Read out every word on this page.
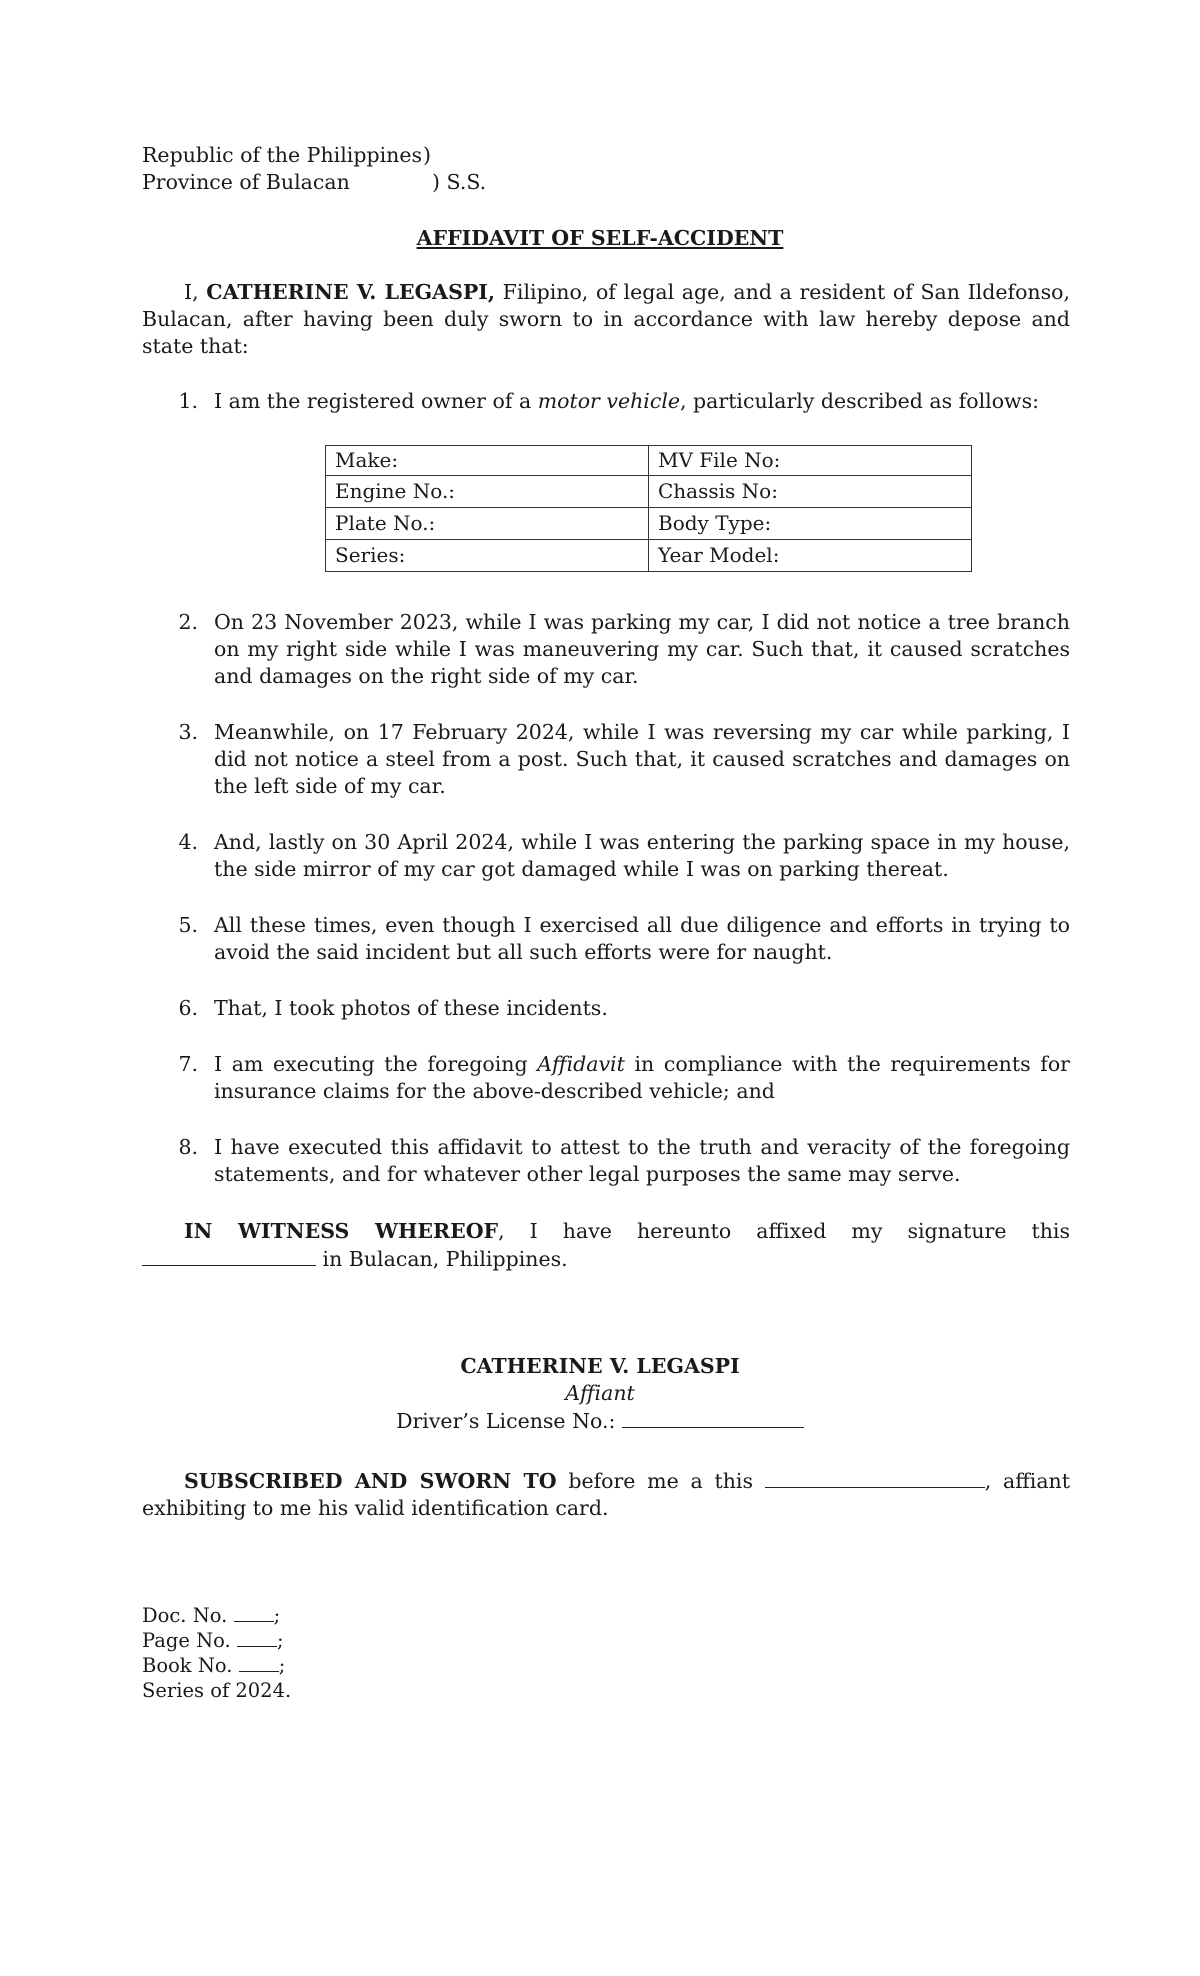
Republic of the Philippines )
Province of Bulacan	) S.S.
AFFIDAVIT OF SELF-ACCIDENT
I, CATHERINE V. LEGASPI, Filipino, of legal age, and a resident of San Ildefonso, Bulacan, after having been duly sworn to in accordance with law hereby depose and state that:
1. I am the registered owner of a motor vehicle, particularly described as follows:
Make:	MV File No:
Engine No.:	Chassis No:
Plate No.:	Body Type:
Series:	Year Model:
2. On 23 November 2023, while I was parking my car, I did not notice a tree branch on my right side while I was maneuvering my car. Such that, it caused scratches and damages on the right side of my car.
3. Meanwhile, on 17 February 2024, while I was reversing my car while parking, I did not notice a steel from a post. Such that, it caused scratches and damages on the left side of my car.
4. And, lastly on 30 April 2024, while I was entering the parking space in my house, the side mirror of my car got damaged while I was on parking thereat.
5. All these times, even though I exercised all due diligence and efforts in trying to avoid the said incident but all such efforts were for naught.
6. That, I took photos of these incidents.
7. I am executing the foregoing Affidavit in compliance with the requirements for insurance claims for the above-described vehicle; and
8. I have executed this affidavit to attest to the truth and veracity of the foregoing statements, and for whatever other legal purposes the same may serve.
IN WITNESS WHEREOF, I have hereunto affixed my signature this
in Bulacan, Philippines.
CATHERINE V. LEGASPI
Affiant
Driver’s License No.:
SUBSCRIBED AND SWORN TO before me a this	, affiant
exhibiting to me his valid identification card.
Doc. No. ;
Page No. ;
Book No. ;
Series of 2024.
